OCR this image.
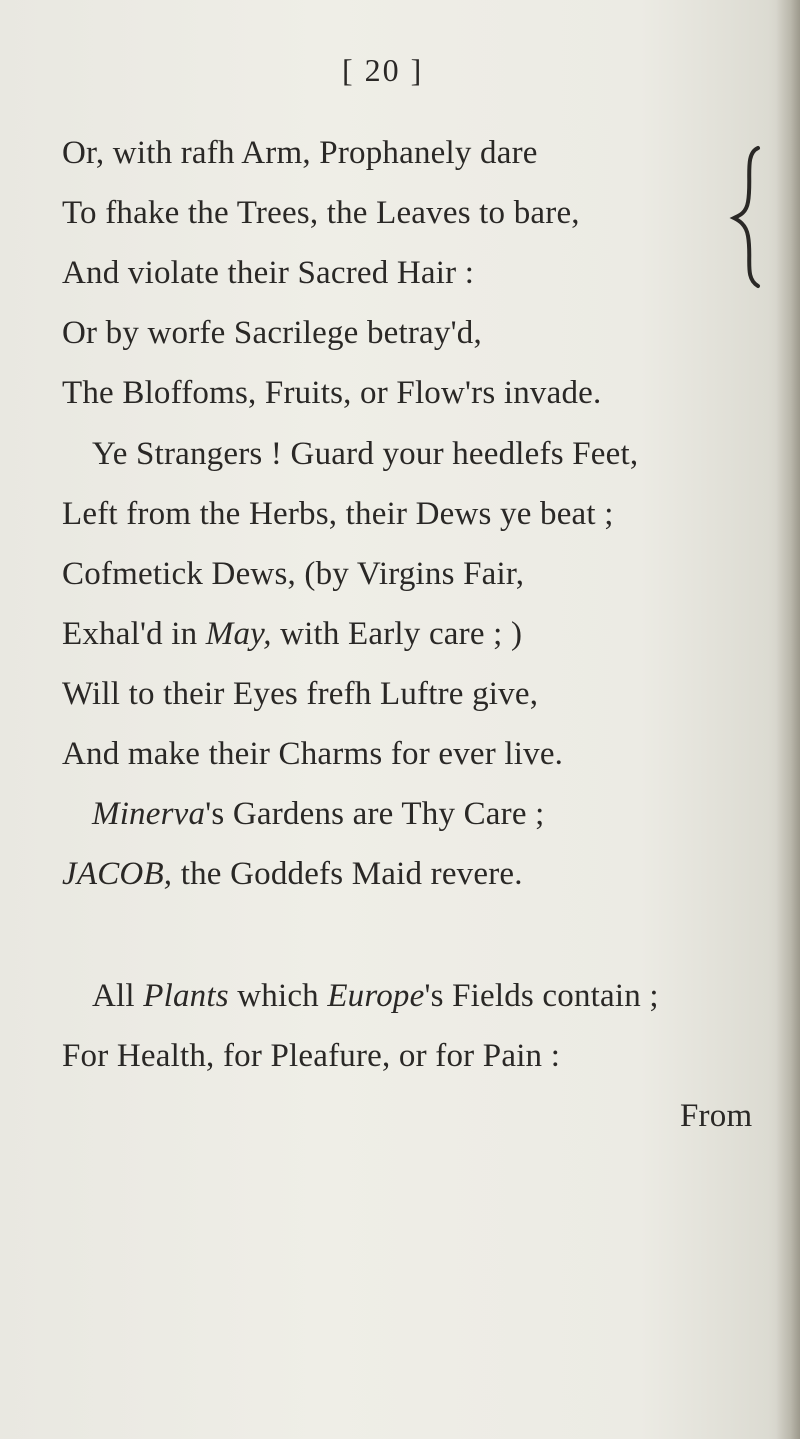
[ 20 ]
Or, with rafh Arm, Prophanely dare
To fhake the Trees, the Leaves to bare,
And violate their Sacred Hair :
Or by worfe Sacrilege betray'd,
The Bloffoms, Fruits, or Flow'rs invade.
Ye Strangers ! Guard your heedlefs Feet,
Left from the Herbs, their Dews ye beat ;
Cofmetick Dews, (by Virgins Fair,
Exhal'd in May, with Early care ; )
Will to their Eyes frefh Luftre give,
And make their Charms for ever live.
Minerva's Gardens are Thy Care ;
JACOB, the Goddefs Maid revere.
All Plants which Europe's Fields contain ;
For Health, for Pleafure, or for Pain :
From
